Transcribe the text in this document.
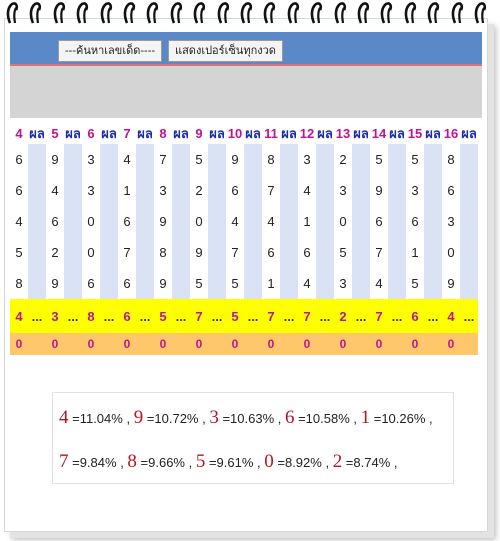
---ค้นหาเลขเด็ด----	แสดงเปอร์เซ็นทุกงวด
4	ผล	5	ผล	6	ผล	7	ผล	8	ผล	9	ผล	10	ผล	11	ผล	12	ผล	13	ผล	14	ผล	15	ผล	16	ผล
6		9		3		4		7		5		9		8		3		2		5		5		8	
6		4		3		1		3		2		6		7		4		3		9		3		6	
4		6		0		6		9		0		4		4		1		0		6		6		3	
5		2		0		7		8		9		7		6		6		5		7		1		0	
8		9		6		6		9		5		5		1		4		3		4		5		9	
4	...	3	...	8	...	6	...	5	...	7	...	5	...	7	...	7	...	2	...	7	...	6	...	4	...
0		0		0		0		0		0		0		0		0		0		0		0		0	
4 =11.04% , 9 =10.72% , 3 =10.63% , 6 =10.58% , 1 =10.26% ,
7 =9.84% , 8 =9.66% , 5 =9.61% , 0 =8.92% , 2 =8.74% ,
